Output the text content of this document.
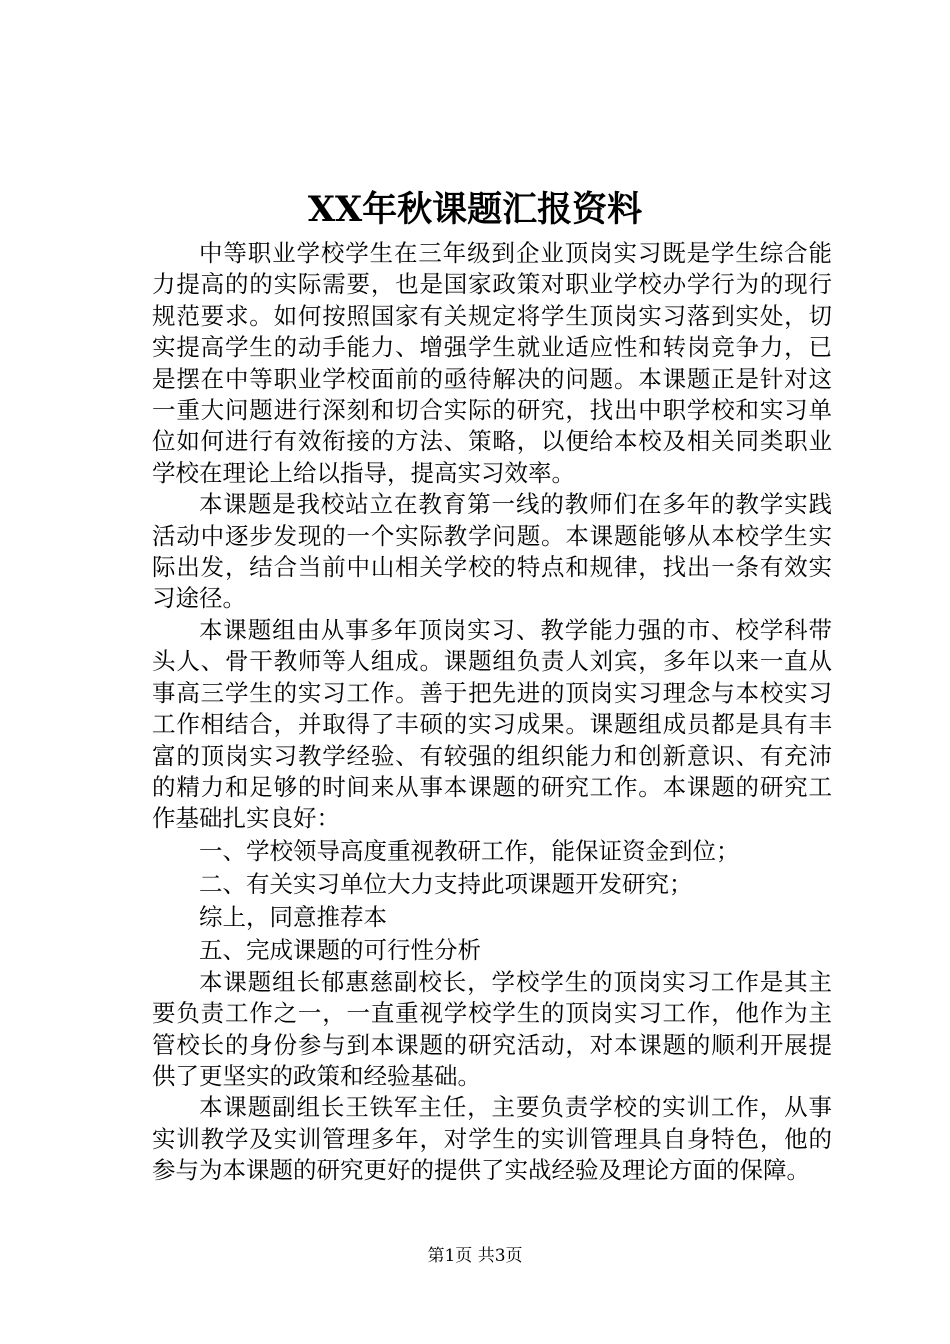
XX年秋课题汇报资料

中等职业学校学生在三年级到企业顶岗实习既是学生综合能力提高的的实际需要，也是国家政策对职业学校办学行为的现行规范要求。如何按照国家有关规定将学生顶岗实习落到实处，切实提高学生的动手能力、增强学生就业适应性和转岗竞争力，已是摆在中等职业学校面前的亟待解决的问题。本课题正是针对这一重大问题进行深刻和切合实际的研究，找出中职学校和实习单位如何进行有效衔接的方法、策略，以便给本校及相关同类职业学校在理论上给以指导，提高实习效率。

本课题是我校站立在教育第一线的教师们在多年的教学实践活动中逐步发现的一个实际教学问题。本课题能够从本校学生实际出发，结合当前中山相关学校的特点和规律，找出一条有效实习途径。

本课题组由从事多年顶岗实习、教学能力强的市、校学科带头人、骨干教师等人组成。课题组负责人刘宾，多年以来一直从事高三学生的实习工作。善于把先进的顶岗实习理念与本校实习工作相结合，并取得了丰硕的实习成果。课题组成员都是具有丰富的顶岗实习教学经验、有较强的组织能力和创新意识、有充沛的精力和足够的时间来从事本课题的研究工作。本课题的研究工作基础扎实良好：

一、学校领导高度重视教研工作，能保证资金到位；

二、有关实习单位大力支持此项课题开发研究；

综上，同意推荐本

五、完成课题的可行性分析

本课题组长郁惠慈副校长，学校学生的顶岗实习工作是其主要负责工作之一，一直重视学校学生的顶岗实习工作，他作为主管校长的身份参与到本课题的研究活动，对本课题的顺利开展提供了更坚实的政策和经验基础。

本课题副组长王铁军主任，主要负责学校的实训工作，从事实训教学及实训管理多年，对学生的实训管理具自身特色，他的参与为本课题的研究更好的提供了实战经验及理论方面的保障。

第1页 共3页
